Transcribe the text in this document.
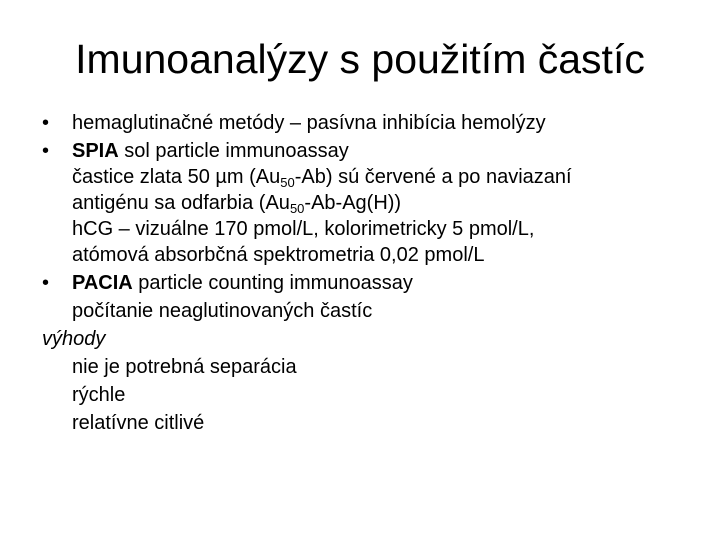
Imunoanalýzy s použitím častíc
• hemaglutinačné metódy – pasívna inhibícia hemolýzy
• SPIA sol particle immunoassay
častice zlata 50 µm $(Au_{50}-Ab)$ sú červené a po naviazaní
antigénu sa odfarbia $(Au_{50}-Ab-Ag(H))$
hCG – vizuálne 170 pmol/L, kolorimetricky 5 pmol/L,
atómová absorbčná spektrometria 0,02 pmol/L
• PACIA particle counting immunoassay
počítanie neaglutinovaných častíc
výhody
nie je potrebná separácia
rýchle
relatívne citlivé
